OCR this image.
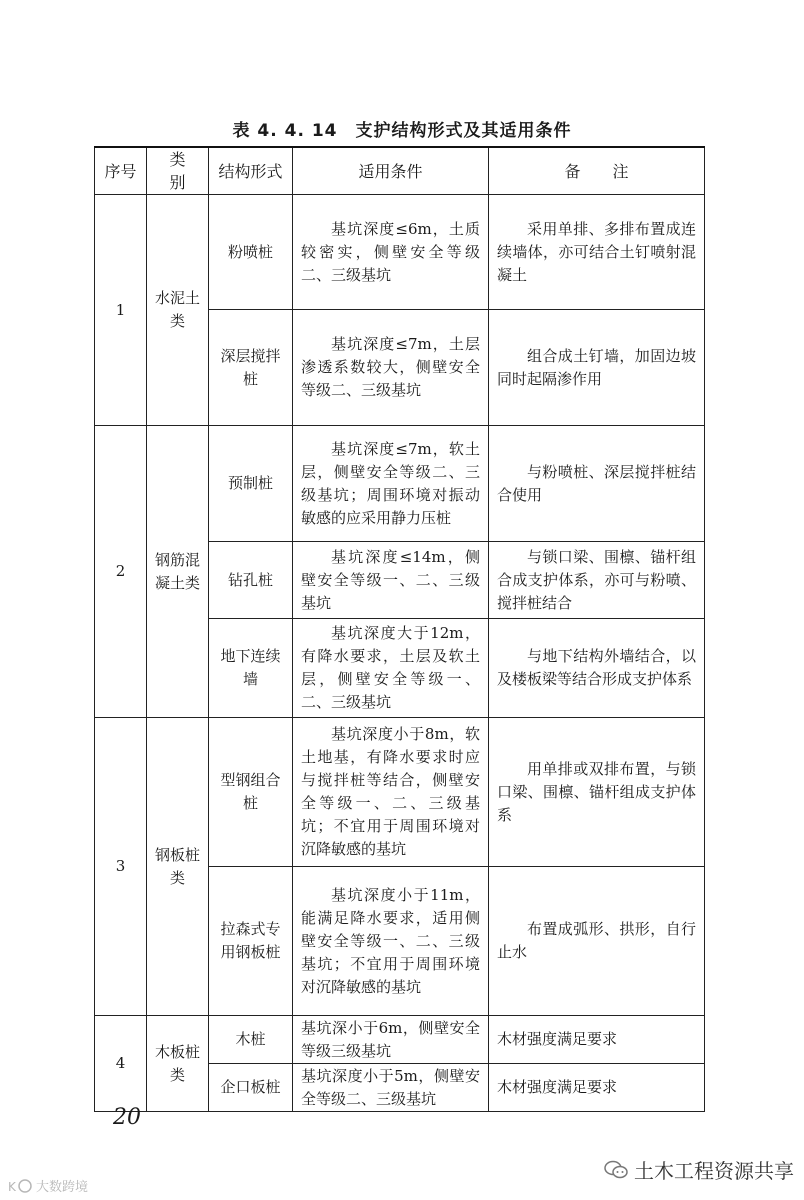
表 4. 4. 14　支护结构形式及其适用条件
序号	类　别	结构形式	适用条件	备　　注
1	水泥土类	粉喷桩	基坑深度≤6m，土质较密实，侧壁安全等级二、三级基坑	采用单排、多排布置成连续墙体，亦可结合土钉喷射混凝土
		深层搅拌桩	基坑深度≤7m，土层渗透系数较大，侧壁安全等级二、三级基坑	组合成土钉墙，加固边坡同时起隔渗作用
2	钢筋混凝土类	预制桩	基坑深度≤7m，软土层，侧壁安全等级二、三级基坑；周围环境对振动敏感的应采用静力压桩	与粉喷桩、深层搅拌桩结合使用
		钻孔桩	基坑深度≤14m，侧壁安全等级一、二、三级基坑	与锁口梁、围檩、锚杆组合成支护体系，亦可与粉喷、搅拌桩结合
		地下连续墙	基坑深度大于12m，有降水要求，土层及软土层，侧壁安全等级一、二、三级基坑	与地下结构外墙结合，以及楼板梁等结合形成支护体系
3	钢板桩类	型钢组合桩	基坑深度小于8m，软土地基，有降水要求时应与搅拌桩等结合，侧壁安全等级一、二、三级基坑；不宜用于周围环境对沉降敏感的基坑	用单排或双排布置，与锁口梁、围檩、锚杆组成支护体系
		拉森式专用钢板桩	基坑深度小于11m，能满足降水要求，适用侧壁安全等级一、二、三级基坑；不宜用于周围环境对沉降敏感的基坑	布置成弧形、拱形，自行止水
4	木板桩类	木桩	基坑深小于6m，侧壁安全等级三级基坑	木材强度满足要求
		企口板桩	基坑深度小于5m，侧壁安全等级二、三级基坑	木材强度满足要求
20
土木工程资源共享
K 大数跨境
